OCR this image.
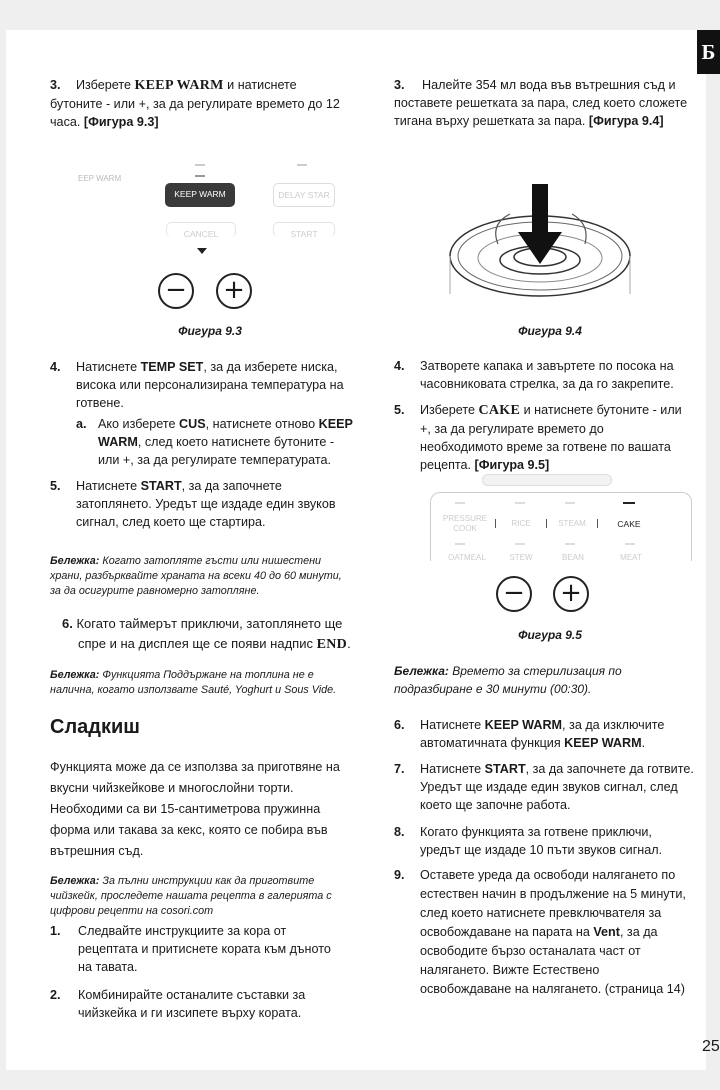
Б
3. Изберете KEEP WARM и натиснете
бутоните - или +, за да регулирате времето до 12
часа. [Фигура 9.3]
EEP WARM
KEEP WARM	DELAY STAR
CANCEL	START
− +
Фигура 9.3
4. Натиснете TEMP SET, за да изберете ниска,
висока или персонализирана температура на
готвене.
a. Ако изберете CUS, натиснете отново KEEP
WARM, след което натиснете бутоните -
или +, за да регулирате температурата.
5. Натиснете START, за да започнете
затоплянето. Уредът ще издаде един звуков
сигнал, след което ще стартира.
Бележка: Когато затопляте гъсти или нишестени
храни, разбърквайте храната на всеки 40 до 60 минути,
за да осигурите равномерно затопляне.
6. Когато таймерът приключи, затоплянето ще
спре и на дисплея ще се появи надпис END.
Бележка: Функцията Поддържане на топлина не е
налична, когато използвате Sauté, Yoghurt и Sous Vide.
Сладкиш
Функцията може да се използва за приготвяне на
вкусни чийзкейкове и многослойни торти.
Необходими са ви 15-сантиметрова пружинна
форма или такава за кекс, която се побира във
вътрешния съд.
Бележка: За пълни инструкции как да приготвите
чийзкейк, проследете нашата рецепта в галерията с
цифрови рецепти на cosori.com
1. Следвайте инструкциите за кора от
рецептата и притиснете кората към дъното
на тавата.
2. Комбинирайте останалите съставки за
чийзкейка и ги изсипете върху кората.
3. Налейте 354 мл вода във вътрешния съд и
поставете решетката за пара, след което сложете
тигана върху решетката за пара. [Фигура 9.4]
Фигура 9.4
4. Затворете капака и завъртете по посока на
часовниковата стрелка, за да го закрепите.
5. Изберете CAKE и натиснете бутоните - или
+, за да регулирате времето до
необходимото време за готвене по вашата
рецепта. [Фигура 9.5]
PRESSURE COOK
RICE	STEAM	CAKE
OATMEAL	STEW	BEAN	MEAT
− +
Фигура 9.5
Бележка: Времето за стерилизация по
подразбиране е 30 минути (00:30).
6. Натиснете KEEP WARM, за да изключите
автоматичната функция KEEP WARM.
7. Натиснете START, за да започнете да готвите.
Уредът ще издаде един звуков сигнал, след
което ще започне работа.
8. Когато функцията за готвене приключи,
уредът ще издаде 10 пъти звуков сигнал.
9. Оставете уреда да освободи налягането по
естествен начин в продължение на 5 минути,
след което натиснете превключвателя за
освобождаване на парата на Vent, за да
освободите бързо останалата част от
налягането. Вижте Естествено
освобождаване на налягането. (страница 14)
25
